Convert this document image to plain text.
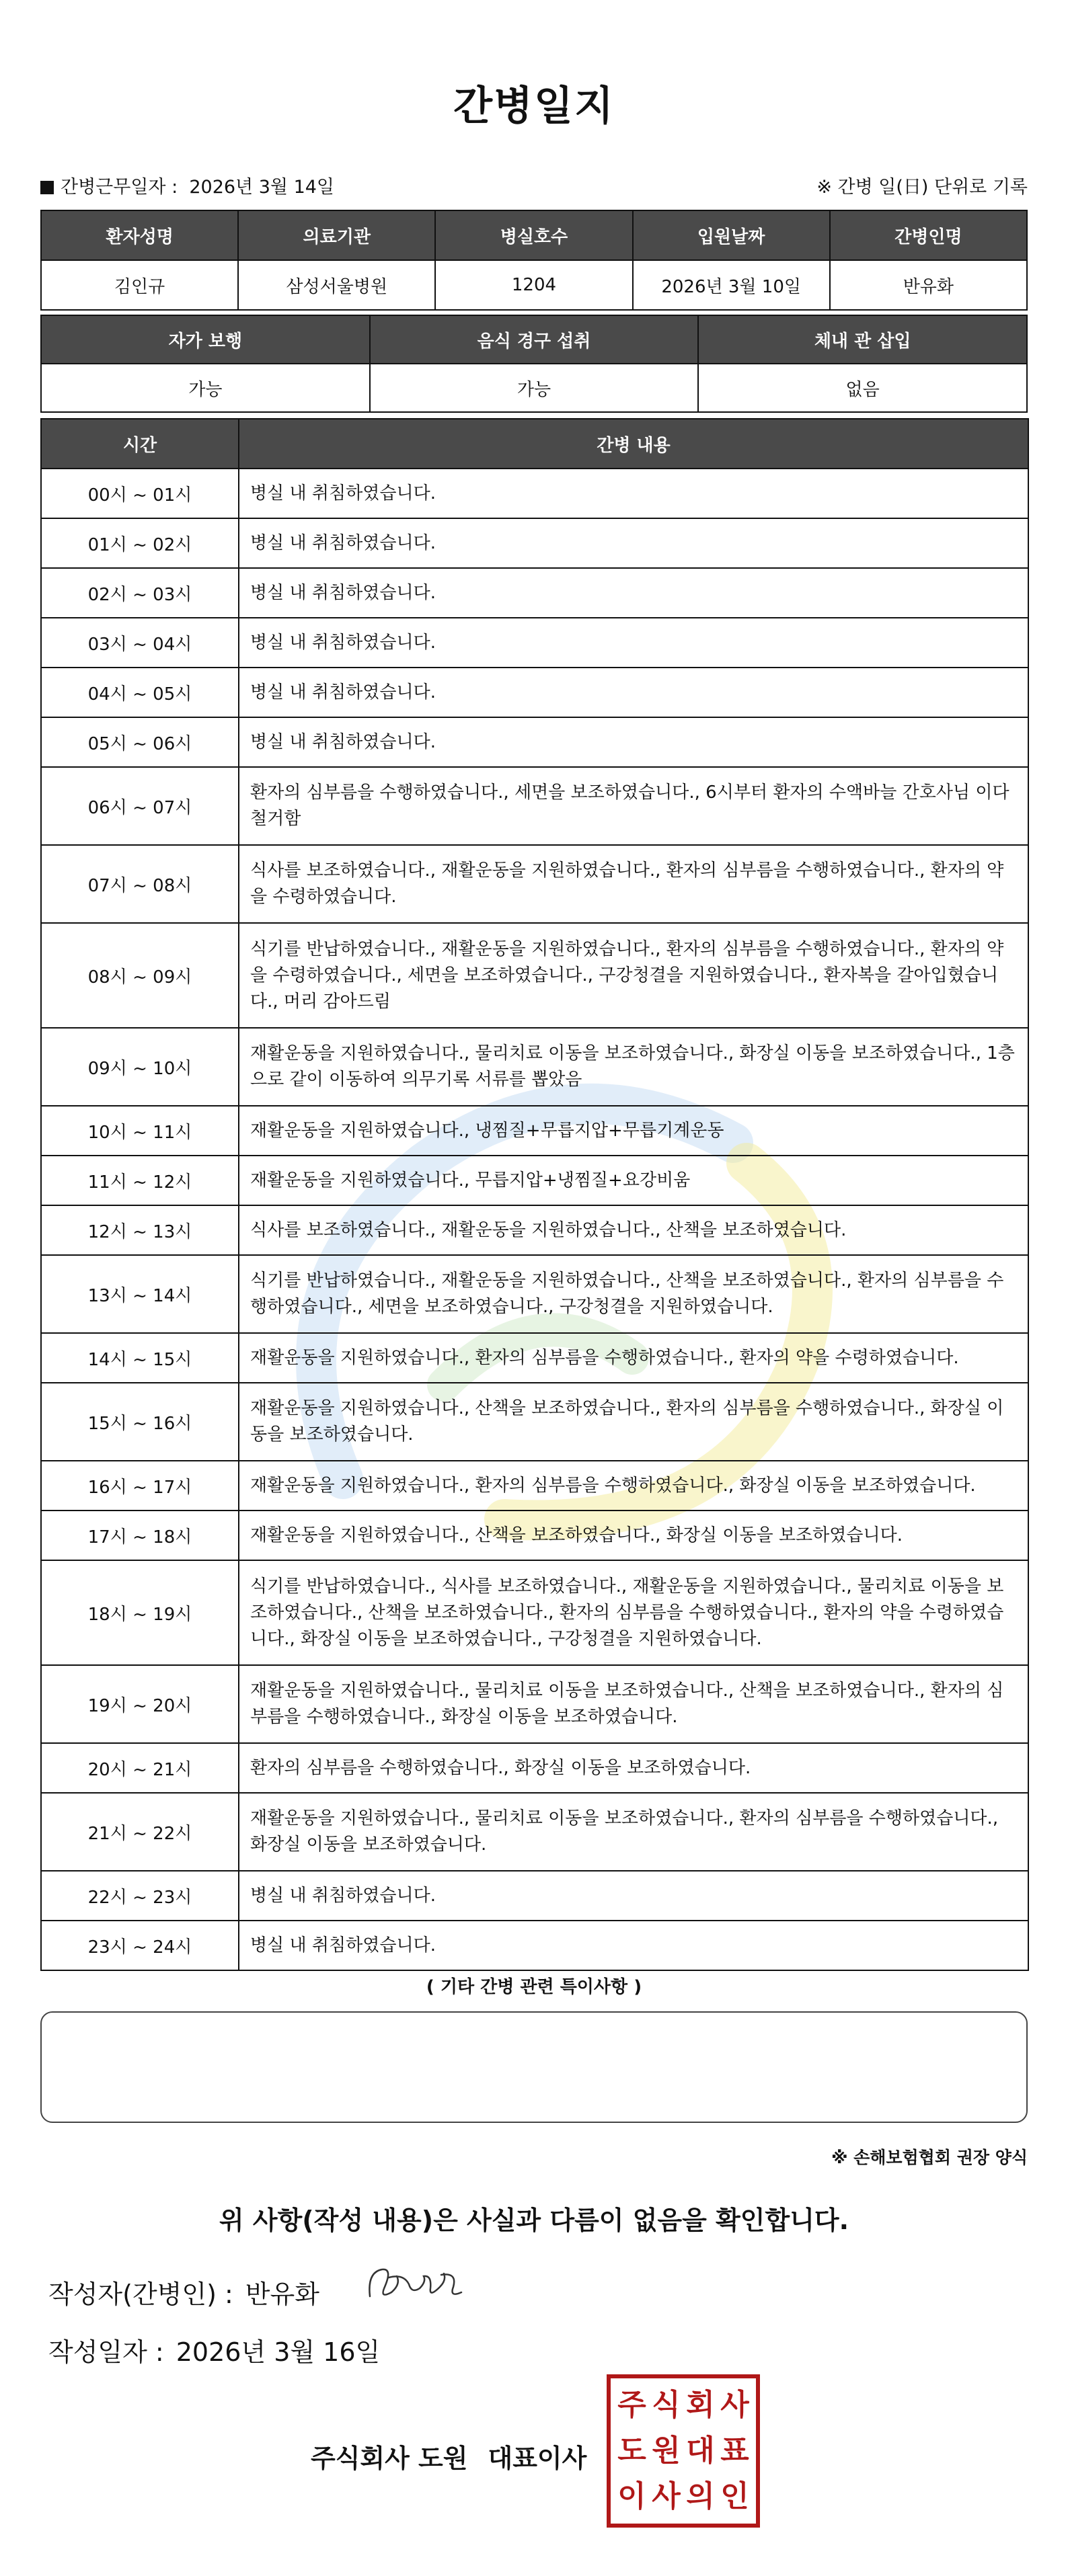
간병일지
간병근무일자 : 2026년 3월 14일	※ 간병 일(日) 단위로 기록
환자성명	의료기관	병실호수	입원날짜	간병인명
김인규	삼성서울병원	1204	2026년 3월 10일	반유화
자가 보행	음식 경구 섭취	체내 관 삽입
가능	가능	없음
시간	간병 내용
00시 ~ 01시	병실 내 취침하였습니다.
01시 ~ 02시	병실 내 취침하였습니다.
02시 ~ 03시	병실 내 취침하였습니다.
03시 ~ 04시	병실 내 취침하였습니다.
04시 ~ 05시	병실 내 취침하였습니다.
05시 ~ 06시	병실 내 취침하였습니다.
06시 ~ 07시	환자의 심부름을 수행하였습니다., 세면을 보조하였습니다., 6시부터 환자의 수액바늘 간호사님 이다 철거함
07시 ~ 08시	식사를 보조하였습니다., 재활운동을 지원하였습니다., 환자의 심부름을 수행하였습니다., 환자의 약을 수령하였습니다.
08시 ~ 09시	식기를 반납하였습니다., 재활운동을 지원하였습니다., 환자의 심부름을 수행하였습니다., 환자의 약을 수령하였습니다., 세면을 보조하였습니다., 구강청결을 지원하였습니다., 환자복을 갈아입혔습니다., 머리 감아드림
09시 ~ 10시	재활운동을 지원하였습니다., 물리치료 이동을 보조하였습니다., 화장실 이동을 보조하였습니다., 1층으로 같이 이동하여 의무기록 서류를 뽑았음
10시 ~ 11시	재활운동을 지원하였습니다., 냉찜질+무릅지압+무릅기계운동
11시 ~ 12시	재활운동을 지원하였습니다., 무릅지압+냉찜질+요강비움
12시 ~ 13시	식사를 보조하였습니다., 재활운동을 지원하였습니다., 산책을 보조하였습니다.
13시 ~ 14시	식기를 반납하였습니다., 재활운동을 지원하였습니다., 산책을 보조하였습니다., 환자의 심부름을 수행하였습니다., 세면을 보조하였습니다., 구강청결을 지원하였습니다.
14시 ~ 15시	재활운동을 지원하였습니다., 환자의 심부름을 수행하였습니다., 환자의 약을 수령하였습니다.
15시 ~ 16시	재활운동을 지원하였습니다., 산책을 보조하였습니다., 환자의 심부름을 수행하였습니다., 화장실 이동을 보조하였습니다.
16시 ~ 17시	재활운동을 지원하였습니다., 환자의 심부름을 수행하였습니다., 화장실 이동을 보조하였습니다.
17시 ~ 18시	재활운동을 지원하였습니다., 산책을 보조하였습니다., 화장실 이동을 보조하였습니다.
18시 ~ 19시	식기를 반납하였습니다., 식사를 보조하였습니다., 재활운동을 지원하였습니다., 물리치료 이동을 보조하였습니다., 산책을 보조하였습니다., 환자의 심부름을 수행하였습니다., 환자의 약을 수령하였습니다., 화장실 이동을 보조하였습니다., 구강청결을 지원하였습니다.
19시 ~ 20시	재활운동을 지원하였습니다., 물리치료 이동을 보조하였습니다., 산책을 보조하였습니다., 환자의 심부름을 수행하였습니다., 화장실 이동을 보조하였습니다.
20시 ~ 21시	환자의 심부름을 수행하였습니다., 화장실 이동을 보조하였습니다.
21시 ~ 22시	재활운동을 지원하였습니다., 물리치료 이동을 보조하였습니다., 환자의 심부름을 수행하였습니다., 화장실 이동을 보조하였습니다.
22시 ~ 23시	병실 내 취침하였습니다.
23시 ~ 24시	병실 내 취침하였습니다.
( 기타 간병 관련 특이사항 )
※ 손해보험협회 권장 양식
위 사항(작성 내용)은 사실과 다름이 없음을 확인합니다.
작성자(간병인) : 반유화
작성일자 : 2026년 3월 16일
주식회사 도원 대표이사
주 식 회 사
도 원 대 표
이 사 의 인
